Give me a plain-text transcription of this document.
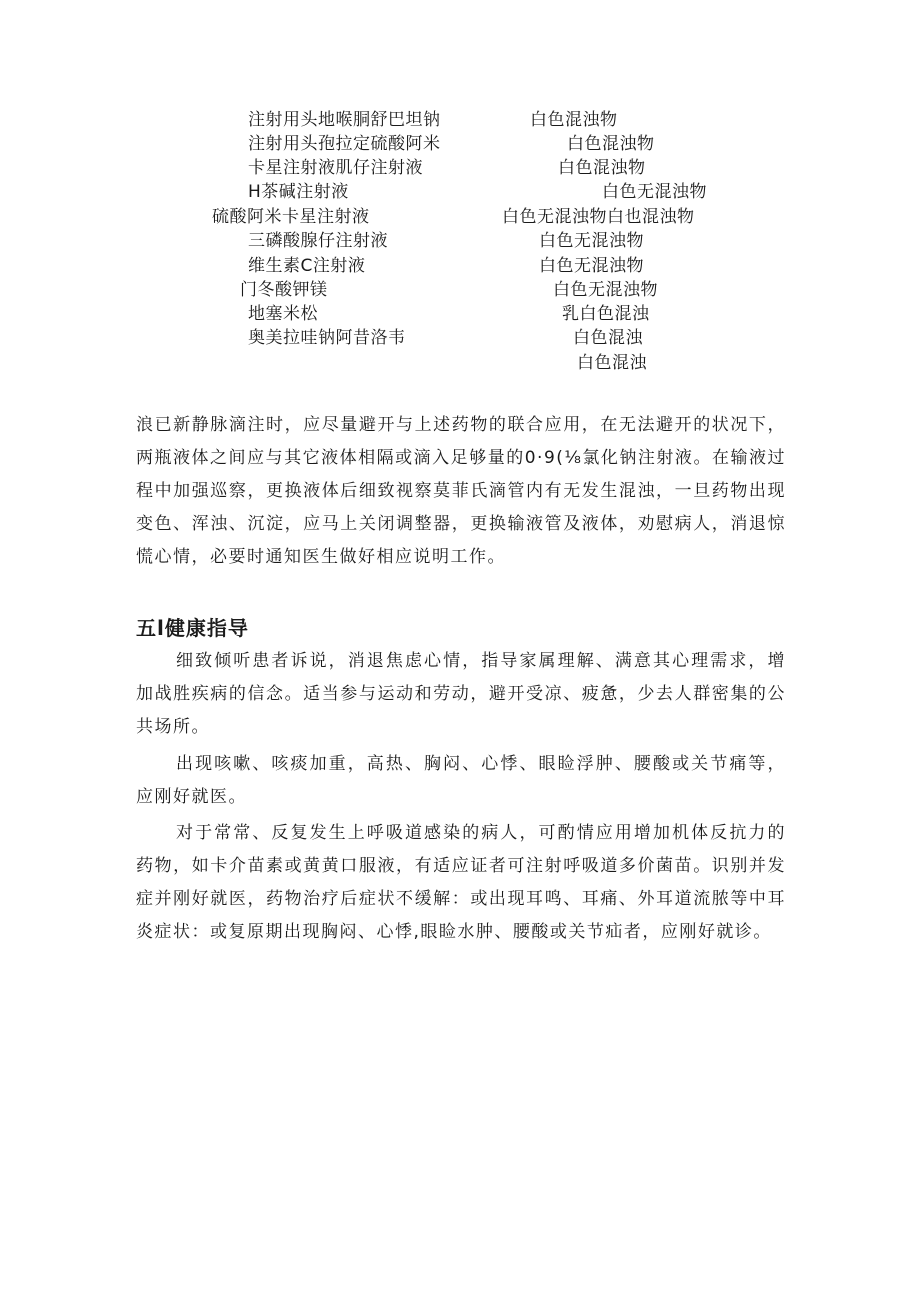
注射用头地喉胴舒巴坦钠
注射用头孢拉定硫酸阿米
卡星注射液肌仔注射液
H茶碱注射液
硫酸阿米卡星注射液
三磷酸腺仔注射液
维生素C注射液
门冬酸钾镁
地塞米松
奥美拉哇钠阿昔洛韦
白色混浊物
白色混浊物
白色混浊物
白色无混浊物
白色无混浊物白也混浊物
白色无混浊物
白色无混浊物
白色无混浊物
乳白色混浊
白色混浊
白色混浊

浪已新静脉滴注时，应尽量避开与上述药物的联合应用，在无法避开的状况下，两瓶液体之间应与其它液体相隔或滴入足够量的0·9(⅛氯化钠注射液。在输液过程中加强巡察，更换液体后细致视察莫菲氏滴管内有无发生混浊，一旦药物出现变色、浑浊、沉淀，应马上关闭调整器，更换输液管及液体，劝慰病人，消退惊慌心情，必要时通知医生做好相应说明工作。

五l健康指导

细致倾听患者诉说，消退焦虑心情，指导家属理解、满意其心理需求，增加战胜疾病的信念。适当参与运动和劳动，避开受凉、疲惫，少去人群密集的公共场所。

出现咳嗽、咳痰加重，高热、胸闷、心悸、眼睑浮肿、腰酸或关节痛等，应刚好就医。

对于常常、反复发生上呼吸道感染的病人，可酌情应用增加机体反抗力的药物，如卡介苗素或黄黄口服液，有适应证者可注射呼吸道多价菌苗。识别并发症并刚好就医，药物治疗后症状不缓解：或出现耳鸣、耳痛、外耳道流脓等中耳炎症状：或复原期出现胸闷、心悸,眼睑水肿、腰酸或关节疝者，应刚好就诊。
